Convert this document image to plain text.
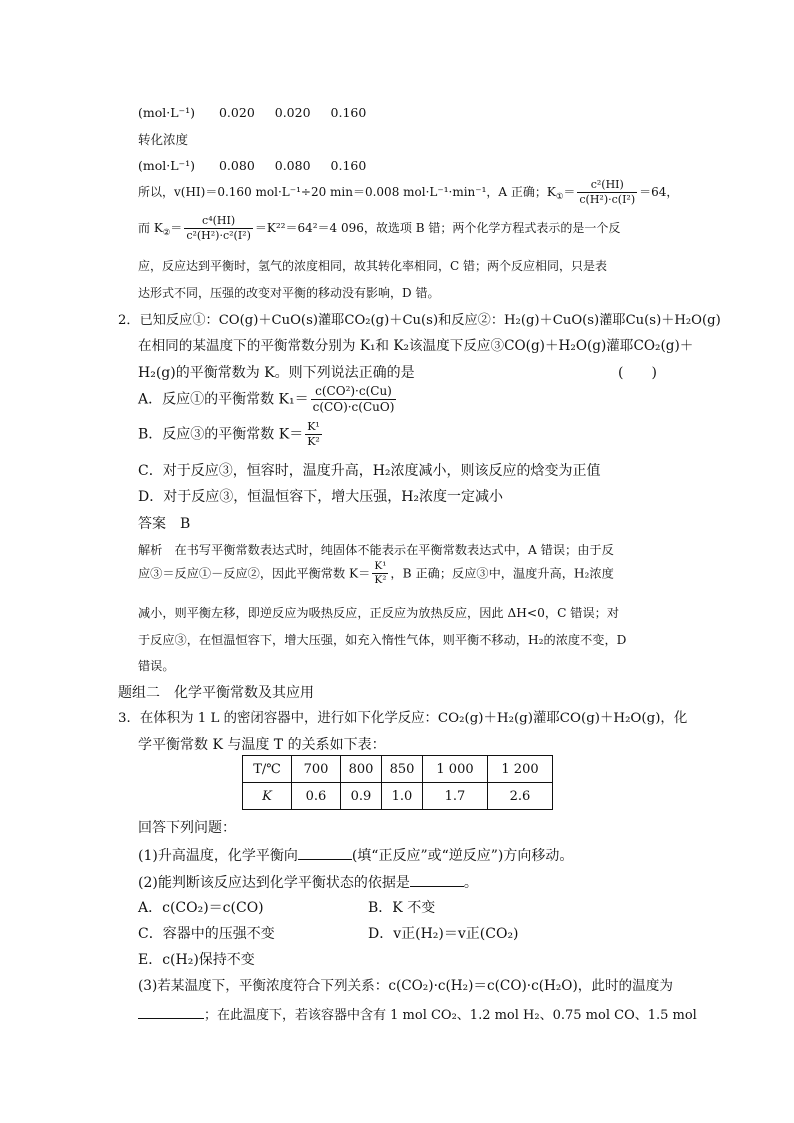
(mol·L⁻¹) 0.020 0.020 0.160
转化浓度
(mol·L⁻¹) 0.080 0.080 0.160
所以，v(HI)＝0.160 mol·L⁻¹÷20 min＝0.008 mol·L⁻¹·min⁻¹，A 正确；$K_①= \frac{\text{c²(HI)}}{\text{c(H²)·c(I²)}} =64$，
而 $K_②= \frac{\text{c⁴(HI)}}{\text{c²(H²)·c²(I²)}} =K^{22}=64^2=4$ 096，故选项 B 错；两个化学方程式表示的是一个反
应，反应达到平衡时，氢气的浓度相同，故其转化率相同，C 错；两个反应相同，只是表
达形式不同，压强的改变对平衡的移动没有影响，D 错。
2．已知反应①：CO(g)＋CuO(s)灌耶CO₂(g)＋Cu(s)和反应②：H₂(g)＋CuO(s)灌耶Cu(s)＋H₂O(g)
在相同的某温度下的平衡常数分别为 K₁和 K₂该温度下反应③CO(g)＋H₂O(g)灌耶CO₂(g)＋
H₂(g)的平衡常数为 K。则下列说法正确的是	(　　)
A．反应①的平衡常数 $K_1= \frac{\text{c(CO²)·c(Cu)}}{\text{c(CO)·c(CuO)}}$
B．反应③的平衡常数 $K= \frac{\text{K¹}}{\text{K²}}$
C．对于反应③，恒容时，温度升高，H₂浓度减小，则该反应的焓变为正值
D．对于反应③，恒温恒容下，增大压强，H₂浓度一定减小
答案　B
解析　在书写平衡常数表达式时，纯固体不能表示在平衡常数表达式中，A 错误；由于反
应③＝反应①－反应②，因此平衡常数 $K= \frac{\text{K¹}}{\text{K²}}$ ，B 正确；反应③中，温度升高，H₂浓度
减小，则平衡左移，即逆反应为吸热反应，正反应为放热反应，因此 ΔH<0，C 错误；对
于反应③，在恒温恒容下，增大压强，如充入惰性气体，则平衡不移动，H₂的浓度不变，D
错误。
题组二　化学平衡常数及其应用
3．在体积为 1 L 的密闭容器中，进行如下化学反应：CO₂(g)＋H₂(g)灌耶CO(g)＋H₂O(g)，化
学平衡常数 K 与温度 T 的关系如下表：
T/℃	700	800	850	1 000	1 200
K	0.6	0.9	1.0	1.7	2.6
回答下列问题：
(1)升高温度，化学平衡向	(填“正反应”或“逆反应”)方向移动。
(2)能判断该反应达到化学平衡状态的依据是	。
A．c(CO₂)＝c(CO)	B．K 不变
C．容器中的压强不变	D．v正(H₂)＝v正(CO₂)
E．c(H₂)保持不变
(3)若某温度下，平衡浓度符合下列关系：c(CO₂)·c(H₂)＝c(CO)·c(H₂O)，此时的温度为
；在此温度下，若该容器中含有 1 mol CO₂、1.2 mol H₂、0.75 mol CO、1.5 mol
